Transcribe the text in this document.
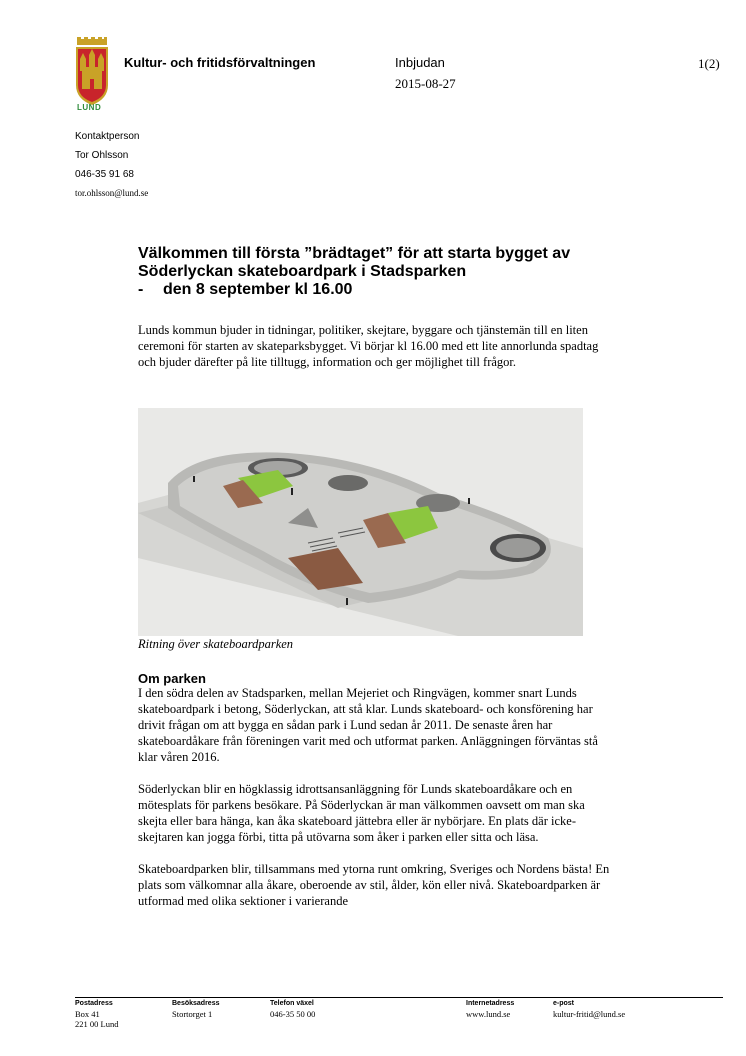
LUND
Kultur- och fritidsförvaltningen	Inbjudan
2015-08-27
1(2)
Kontaktperson
Tor Ohlsson
046-35 91 68
tor.ohlsson@lund.se
Välkommen till första ”brädtaget” för att starta bygget av
Söderlyckan skateboardpark i Stadsparken
- den 8 september kl 16.00
Lunds kommun bjuder in tidningar, politiker, skejtare, byggare och tjänstemän till en liten ceremoni för starten av skateparksbygget. Vi börjar kl 16.00 med ett lite annorlunda spadtag och bjuder därefter på lite tilltugg, information och ger möjlighet till frågor.
Ritning över skateboardparken
Om parken

I den södra delen av Stadsparken, mellan Mejeriet och Ringvägen, kommer snart Lunds skateboardpark i betong, Söderlyckan, att stå klar. Lunds skateboard- och konsförening har drivit frågan om att bygga en sådan park i Lund sedan år 2011. De senaste åren har skateboardåkare från föreningen varit med och utformat parken. Anläggningen förväntas stå klar våren 2016.

Söderlyckan blir en högklassig idrottsansanläggning för Lunds skateboardåkare och en mötesplats för parkens besökare. På Söderlyckan är man välkommen oavsett om man ska skejta eller bara hänga, kan åka skateboard jättebra eller är nybörjare. En plats där icke-skejtaren kan jogga förbi, titta på utövarna som åker i parken eller sitta och läsa.

Skateboardparken blir, tillsammans med ytorna runt omkring, Sveriges och Nordens bästa! En plats som välkomnar alla åkare, oberoende av stil, ålder, kön eller nivå. Skateboardparken är utformad med olika sektioner i varierande

Postadress
Box 41
221 00 Lund
Besöksadress
Stortorget 1
Telefon växel
046-35 50 00
Internetadress
www.lund.se
e-post
kultur-fritid@lund.se
